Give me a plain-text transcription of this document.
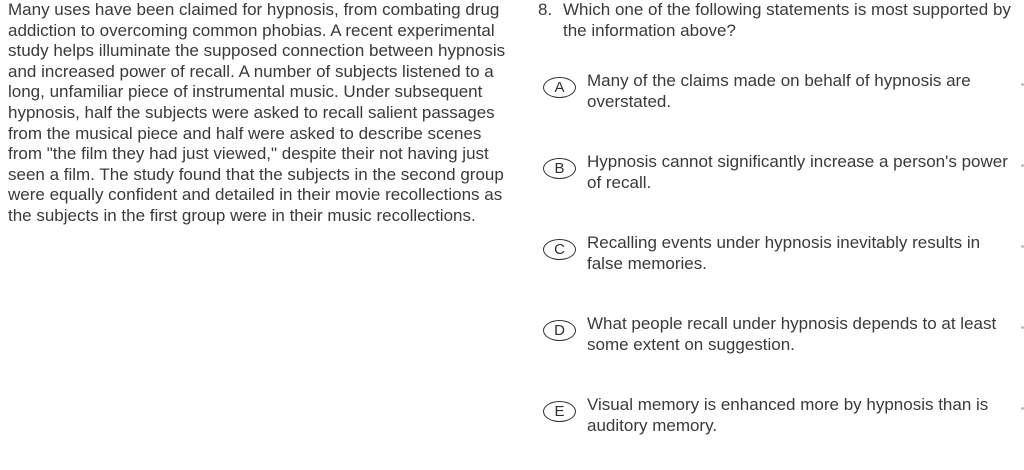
Many uses have been claimed for hypnosis, from combating drug addiction to overcoming common phobias. A recent experimental study helps illuminate the supposed connection between hypnosis and increased power of recall. A number of subjects listened to a long, unfamiliar piece of instrumental music. Under subsequent hypnosis, half the subjects were asked to recall salient passages from the musical piece and half were asked to describe scenes from "the film they had just viewed," despite their not having just seen a film. The study found that the subjects in the second group were equally confident and detailed in their movie recollections as the subjects in the first group were in their music recollections.
8. Which one of the following statements is most supported by the information above?
A	Many of the claims made on behalf of hypnosis are overstated.
B	Hypnosis cannot significantly increase a person's power of recall.
C	Recalling events under hypnosis inevitably results in false memories.
D	What people recall under hypnosis depends to at least some extent on suggestion.
E	Visual memory is enhanced more by hypnosis than is auditory memory.
